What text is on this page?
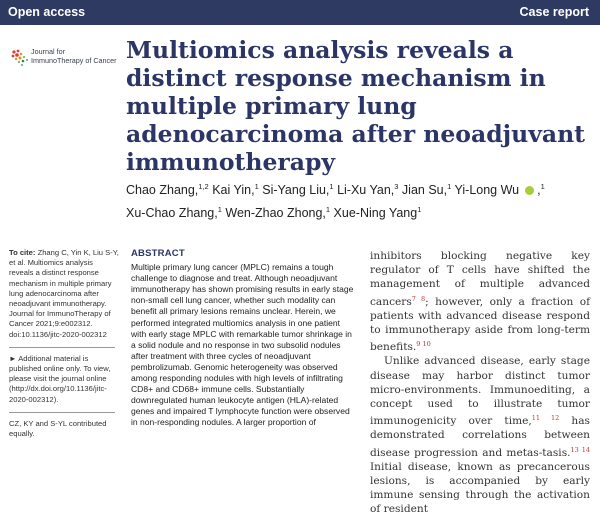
Open access	Case report
Journal for
ImmunoTherapy of Cancer Multiomics analysis reveals a distinct response mechanism in multiple primary lung adenocarcinoma after neoadjuvant immunotherapy
Chao Zhang,$^{1,2}$ Kai Yin,$^1$ Si-Yang Liu,$^1$ Li-Xu Yan,$^3$ Jian Su,$^1$ Yi-Long Wu  ,$^1$
Xu-Chao Zhang,$^1$ Wen-Zhao Zhong,$^1$ Xue-Ning Yang$^1$

To cite: Zhang C, Yin K, Liu S-Y, et al. Multiomics analysis reveals a distinct response mechanism in multiple primary lung adenocarcinoma after neoadjuvant immunotherapy. Journal for ImmunoTherapy of Cancer 2021;9:e002312. doi:10.1136/jitc-2020-002312

► Additional material is published online only. To view, please visit the journal online (http://dx.doi.org/10.1136/jitc-2020-002312).

CZ, KY and S-YL contributed equally.

ABSTRACT

Multiple primary lung cancer (MPLC) remains a tough challenge to diagnose and treat. Although neoadjuvant immunotherapy has shown promising results in early stage non-small cell lung cancer, whether such modality can benefit all primary lesions remains unclear. Herein, we performed integrated multiomics analysis in one patient with early stage MPLC with remarkable tumor shrinkage in a solid nodule and no response in two subsolid nodules after treatment with three cycles of neoadjuvant pembrolizumab. Genomic heterogeneity was observed among responding nodules with high levels of infiltrating CD8+ and CD68+ immune cells. Substantially downregulated human leukocyte antigen (HLA)-related genes and impaired T lymphocyte function were observed in non-responding nodules. A larger proportion of

inhibitors blocking negative key regulator of T cells have shifted the management of multiple advanced cancers$^{7 8}$; however, only a fraction of patients with advanced disease respond to immunotherapy aside from long-term benefits.$^{9 10}$

Unlike advanced disease, early stage disease may harbor distinct tumor micro-environments. Immunoediting, a concept used to illustrate tumor immunogenicity over time,$^{11 12}$ has demonstrated correlations between disease progression and metas-tasis.$^{13 14}$ Initial disease, known as precancerous lesions, is accompanied by early immune sensing through the activation of resident
